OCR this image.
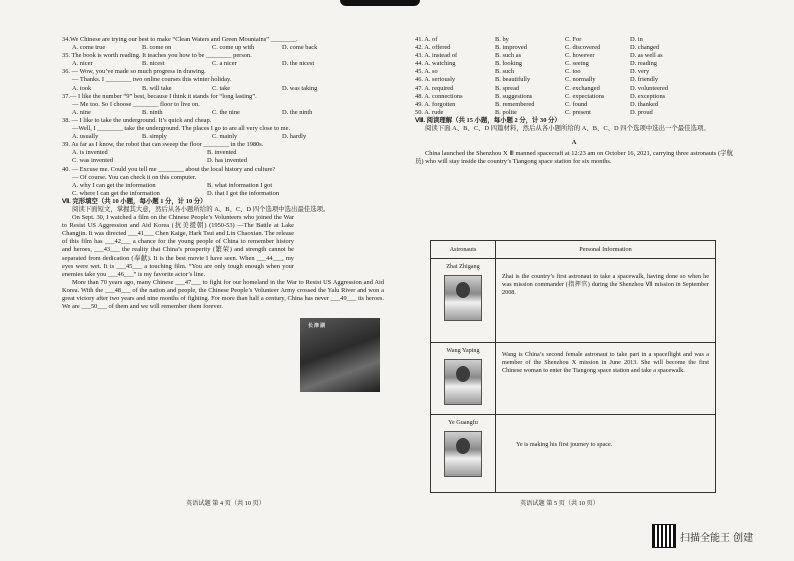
34.We Chinese are trying our best to make “Clean Waters and Green Mountains” ________.
A. come true	B. come on	C. come up with	D. come back
35. The book is worth reading. It teaches you how to be ________ person.
A. nicer	B. nicest	C. a nicer	D. the nicest
36. — Wow, you’ve made so much progress in drawing.
— Thanks. I ________ two online courses this winter holiday.
A. took	B. will take	C. take	D. was taking
37.— I like the number “9” best, because I think it stands for “long lasting”.
— Me too. So I choose ________ floor to live on.
A. nine	B. ninth	C. the nine	D. the ninth
38. — I like to take the underground. It’s quick and cheap.
—Well, I ________ take the underground. The places I go to are all very close to me.
A. usually	B. simply	C. mainly	D. hardly
39. As far as I know, the robot that can sweep the floor ________ in the 1980s.
A. is invented	B. invented
C. was invented	D. has invented
40. — Excuse me. Could you tell me ________ about the local history and culture?
— Of course. You can check it on this computer.
A. why I can get the information	B. what information I got
C. where I can get the information	D. that I got the information
Ⅶ. 完形填空（共 10 小题，每小题 1 分，计 10 分）
阅读下面短文，掌握其大意，然后从各小题所给的 A、B、C、D 四个选项中选出最佳选项。
On Sept. 30, I watched a film on the Chinese People’s Volunteers who joined the War to Resist US Aggression and Aid Korea (抗美援朝) (1950-53) —The Battle at Lake Changjin. It was directed ___41___ Chen Kaige, Hark Tsui and Lin Chaoxian. The release of this film has ___42___ a chance for the young people of China to remember history and heroes, ___43___ the reality that China’s prosperity (繁荣) and strength cannot be separated from dedication (奉献). It is the best movie I have seen. When ___44___, my eyes were wet. It is ___45___ a touching film. “You are only tough enough when your enemies take you ___46___” is my favorite actor’s line.
More than 70 years ago, many Chinese ___47___ to fight for our homeland in the War to Resist US Aggression and Aid Korea. With the ___48___ of the nation and people, the Chinese People’s Volunteer Army crossed the Yalu River and won a great victory after two years and nine months of fighting. For more than half a century, China has never ___49___ its heroes. We are ___50___ of them and we will remember them forever.
长津湖
英语试题 第 4 页（共 10 页）
41. A. of	B. by	C. For	D. in
42. A. offered	B. improved	C. discovered	D. changed
43. A. instead of	B. such as	C. however	D. as well as
44. A. watching	B. looking	C. seeing	D. reading
45. A. so	B. such	C. too	D. very
46. A. seriously	B. beautifully	C. normally	D. friendly
47. A. required	B. spread	C. exchanged	D. volunteered
48. A. connections	B. suggestions	C. expectations	D. exceptions
49. A. forgotten	B. remembered	C. found	D. thanked
50. A. rude	B. polite	C. present	D. proud
Ⅷ. 阅读理解（共 15 小题，每小题 2 分，计 30 分）
阅读下面 A、B、C、D 四篇材料，然后从各小题所给的 A、B、C、D 四个选项中选出一个最佳选项。
A
China launched the Shenzhou X Ⅲ manned spacecraft at 12:23 am on October 16, 2021, carrying three astronauts (宇航员) who will stay inside the country’s Tiangong space station for six months.
Astronauts	Personal Information

Zhai Zhigang	Zhai is the country’s first astronaut to take a spacewalk, having done so when he was mission commander (指挥官) during the Shenzhou Ⅶ mission in September 2008.

Wang Yaping	Wang is China’s second female astronaut to take part in a spaceflight and was a member of the Shenzhou X mission in June 2013. She will become the first Chinese woman to enter the Tiangong space station and take a spacewalk.

Ye Guangfu	Ye is making his first journey to space.
英语试题 第 5 页（共 10 页）
扫描全能王 创建
